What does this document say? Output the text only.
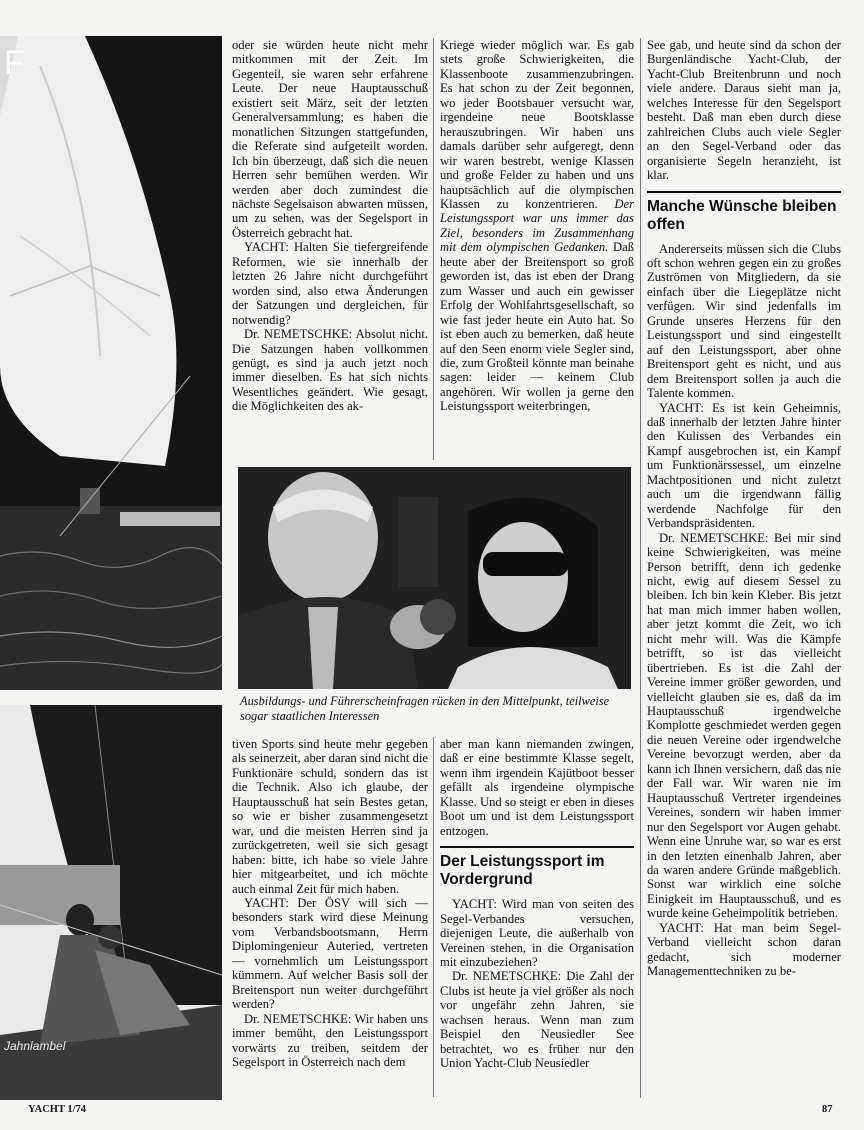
F
Jahnlambel
Ausbildungs- und Führerscheinfragen rücken in den Mittelpunkt, teilweise sogar staatlichen Interessen

oder sie würden heute nicht mehr mitkommen mit der Zeit. Im Gegenteil, sie waren sehr erfahrene Leute. Der neue Hauptausschuß existiert seit März, seit der letzten Generalversammlung; es haben die monatlichen Sitzungen stattgefunden, die Referate sind aufgeteilt worden. Ich bin überzeugt, daß sich die neuen Herren sehr bemühen werden. Wir werden aber doch zumindest die nächste Segelsaison abwarten müssen, um zu sehen, was der Segelsport in Österreich gebracht hat.

YACHT: Halten Sie tiefergreifende Reformen, wie sie innerhalb der letzten 26 Jahre nicht durchgeführt worden sind, also etwa Änderungen der Satzungen und dergleichen, für notwendig?

Dr. NEMETSCHKE: Absolut nicht. Die Satzungen haben vollkommen genügt, es sind ja auch jetzt noch immer dieselben. Es hat sich nichts Wesentliches geändert. Wie gesagt, die Möglichkeiten des ak-

Kriege wieder möglich war. Es gab stets große Schwierigkeiten, die Klassenboote zusammenzubringen. Es hat schon zu der Zeit begonnen, wo jeder Bootsbauer versucht war, irgendeine neue Bootsklasse herauszubringen. Wir haben uns damals darüber sehr aufgeregt, denn wir waren bestrebt, wenige Klassen und große Felder zu haben und uns hauptsächlich auf die olympischen Klassen zu konzentrieren. Der Leistungssport war uns immer das Ziel, besonders im Zusammenhang mit dem olympischen Gedanken. Daß heute aber der Breitensport so groß geworden ist, das ist eben der Drang zum Wasser und auch ein gewisser Erfolg der Wohlfahrtsgesellschaft, so wie fast jeder heute ein Auto hat. So ist eben auch zu bemerken, daß heute auf den Seen enorm viele Segler sind, die, zum Großteil könnte man beinahe sagen: leider — keinem Club angehören. Wir wollen ja gerne den Leistungssport weiterbringen,

See gab, und heute sind da schon der Burgenländische Yacht-Club, der Yacht-Club Breitenbrunn und noch viele andere. Daraus sieht man ja, welches Interesse für den Segelsport besteht. Daß man eben durch diese zahlreichen Clubs auch viele Segler an den Segel-Verband oder das organisierte Segeln heranzieht, ist klar.

Manche Wünsche bleiben offen

Andererseits müssen sich die Clubs oft schon wehren gegen ein zu großes Zuströmen von Mitgliedern, da sie einfach über die Liegeplätze nicht verfügen. Wir sind jedenfalls im Grunde unseres Herzens für den Leistungssport und sind eingestellt auf den Leistungssport, aber ohne Breitensport geht es nicht, und aus dem Breitensport sollen ja auch die Talente kommen.

YACHT: Es ist kein Geheimnis, daß innerhalb der letzten Jahre hinter den Kulissen des Verbandes ein Kampf ausgebrochen ist, ein Kampf um Funktionärssessel, um einzelne Machtpositionen und nicht zuletzt auch um die irgendwann fällig werdende Nachfolge für den Verbandspräsidenten.

Dr. NEMETSCHKE: Bei mir sind keine Schwierigkeiten, was meine Person betrifft, denn ich gedenke nicht, ewig auf diesem Sessel zu bleiben. Ich bin kein Kleber. Bis jetzt hat man mich immer haben wollen, aber jetzt kommt die Zeit, wo ich nicht mehr will. Was die Kämpfe betrifft, so ist das vielleicht übertrieben. Es ist die Zahl der Vereine immer größer geworden, und vielleicht glauben sie es, daß da im Hauptausschuß irgendwelche Komplotte geschmiedet werden gegen die neuen Vereine oder irgendwelche Vereine bevorzugt werden, aber da kann ich Ihnen versichern, daß das nie der Fall war. Wir waren nie im Hauptausschuß Vertreter irgendeines Vereines, sondern wir haben immer nur den Segelsport vor Augen gehabt. Wenn eine Unruhe war, so war es erst in den letzten einenhalb Jahren, aber da waren andere Gründe maßgeblich. Sonst war wirklich eine solche Einigkeit im Hauptausschuß, und es wurde keine Geheimpolitik betrieben.

YACHT: Hat man beim Segel-Verband vielleicht schon daran gedacht, sich moderner Managementtechniken zu be-

tiven Sports sind heute mehr gegeben als seinerzeit, aber daran sind nicht die Funktionäre schuld, sondern das ist die Technik. Also ich glaube, der Hauptausschuß hat sein Bestes getan, so wie er bisher zusammengesetzt war, und die meisten Herren sind ja zurückgetreten, weil sie sich gesagt haben: bitte, ich habe so viele Jahre hier mitgearbeitet, und ich möchte auch einmal Zeit für mich haben.

YACHT: Der ÖSV will sich — besonders stark wird diese Meinung vom Verbandsbootsmann, Herrn Diplomingenieur Auteried, vertreten — vornehmlich um Leistungssport kümmern. Auf welcher Basis soll der Breitensport nun weiter durchgeführt werden?

Dr. NEMETSCHKE: Wir haben uns immer bemüht, den Leistungssport vorwärts zu treiben, seitdem der Segelsport in Österreich nach dem

aber man kann niemanden zwingen, daß er eine bestimmte Klasse segelt, wenn ihm irgendein Kajütboot besser gefällt als irgendeine olympische Klasse. Und so steigt er eben in dieses Boot um und ist dem Leistungssport entzogen.

Der Leistungssport im Vordergrund

YACHT: Wird man von seiten des Segel-Verbandes versuchen, diejenigen Leute, die außerhalb von Vereinen stehen, in die Organisation mit einzubeziehen?

Dr. NEMETSCHKE: Die Zahl der Clubs ist heute ja viel größer als noch vor ungefähr zehn Jahren, sie wachsen heraus. Wenn man zum Beispiel den Neusiedler See betrachtet, wo es früher nur den Union Yacht-Club Neusiedler

YACHT 1/74	87
